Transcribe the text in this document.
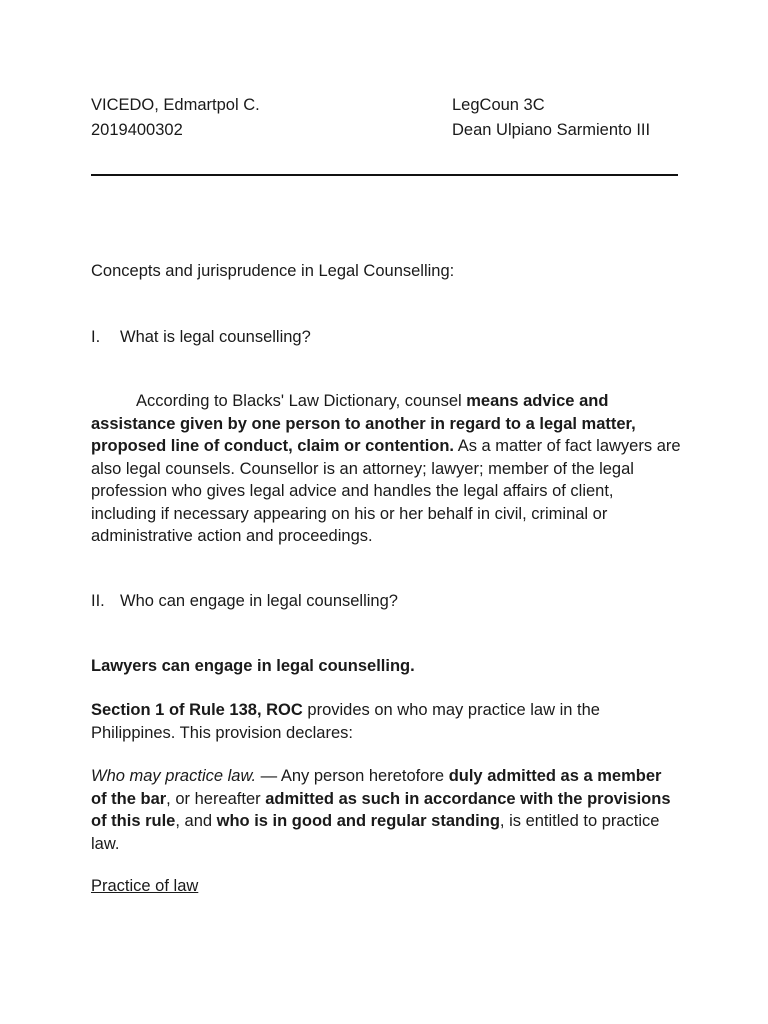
VICEDO, Edmartpol C.
2019400302
LegCoun 3C
Dean Ulpiano Sarmiento III

Concepts and jurisprudence in Legal Counselling:

I. What is legal counselling?

According to Blacks' Law Dictionary, counsel means advice and assistance given by one person to another in regard to a legal matter, proposed line of conduct, claim or contention. As a matter of fact lawyers are also legal counsels. Counsellor is an attorney; lawyer; member of the legal profession who gives legal advice and handles the legal affairs of client, including if necessary appearing on his or her behalf in civil, criminal or administrative action and proceedings.

II. Who can engage in legal counselling?

Lawyers can engage in legal counselling.

Section 1 of Rule 138, ROC provides on who may practice law in the Philippines. This provision declares:

Who may practice law. — Any person heretofore duly admitted as a member of the bar, or hereafter admitted as such in accordance with the provisions of this rule, and who is in good and regular standing, is entitled to practice law.

Practice of law
